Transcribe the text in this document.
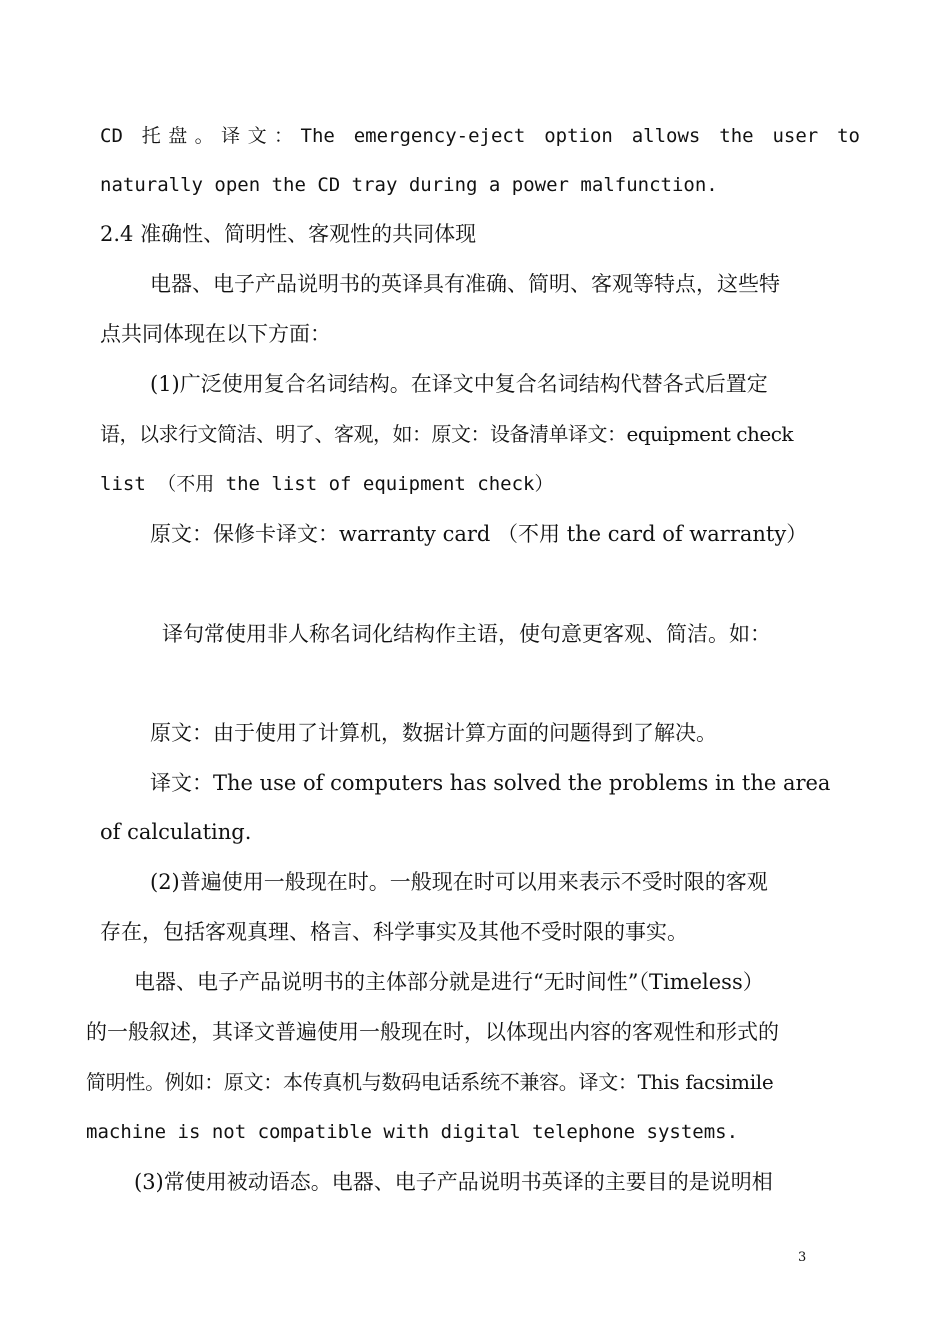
CD 托盘。译文：The emergency-eject option allows the user to

naturally open the CD tray during a power malfunction.

2.4 准确性、简明性、客观性的共同体现

电器、电子产品说明书的英译具有准确、简明、客观等特点，这些特

点共同体现在以下方面：

(1)广泛使用复合名词结构。在译文中复合名词结构代替各式后置定

语，以求行文简洁、明了、客观，如：原文：设备清单译文：equipment check

list （不用 the list of equipment check）

原文：保修卡译文：warranty card （不用 the card of warranty）

译句常使用非人称名词化结构作主语，使句意更客观、简洁。如：

原文：由于使用了计算机，数据计算方面的问题得到了解决。

译文：The use of computers has solved the problems in the area

of calculating.

(2)普遍使用一般现在时。一般现在时可以用来表示不受时限的客观

存在，包括客观真理、格言、科学事实及其他不受时限的事实。

电器、电子产品说明书的主体部分就是进行“无时间性”（Timeless）

的一般叙述，其译文普遍使用一般现在时，以体现出内容的客观性和形式的

简明性。例如：原文：本传真机与数码电话系统不兼容。译文：This facsimile

machine is not compatible with digital telephone systems.

(3)常使用被动语态。电器、电子产品说明书英译的主要目的是说明相

3
